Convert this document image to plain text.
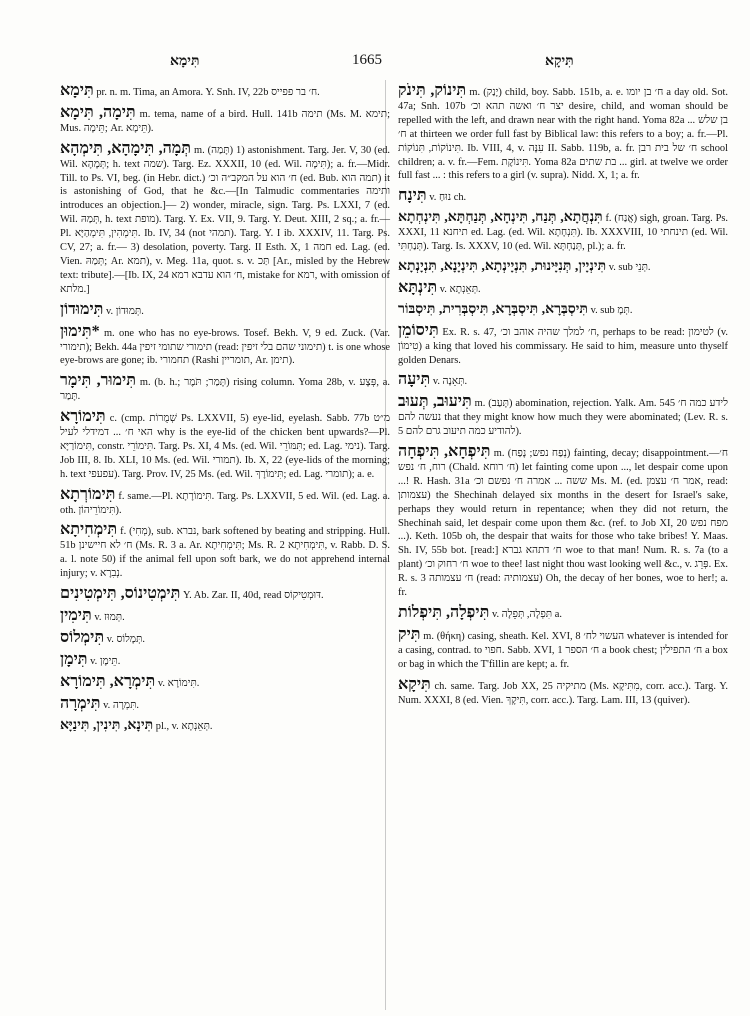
תִּימָא	1665	תִּיקָא

תִּימָא pr. n. m. Tima, an Amora. Y. Snh. IV, 22b ח׳ בר פפייס.

תִּימָה, תִּימָא m. tema, name of a bird. Hull. 141b תימה (Ms. M. תימא; Mus. תֵּימָה; Ar. תֵּימָא).

תְּמָה, תִּימָהָא, תִּימְהָא m. (תָּמַה) 1) astonishment. Targ. Jer. V, 30 (ed. Wil. תְּמָהָא; h. text שמה). Targ. Ez. XXXII, 10 (ed. Wil. תִּימָה); a. fr.—Midr. Till. to Ps. VI, beg. (in Hebr. dict.) ח׳ הוא על המקב״ה וכ׳ (ed. Bub. תמה הוא) it is astonishing of God, that he &c.—[In Talmudic commentaries ותימה introduces an objection.]— 2) wonder, miracle, sign. Targ. Ps. LXXI, 7 (ed. Wil. תְּמַהּ, h. text מופת). Targ. Y. Ex. VII, 9. Targ. Y. Deut. XIII, 2 sq.; a. fr.—Pl. תִּימְהִין, תִּימְהַיָּא. Ib. IV, 34 (not תמהי). Targ. Y. I ib. XXXIV, 11. Targ. Ps. CV, 27; a. fr.— 3) desolation, poverty. Targ. II Esth. X, 1 חמה ed. Lag. (ed. Vien. תְּמַהּ; Ar. תמא), v. Meg. 11a, quot. s. v. תַּכ [Ar., misled by the Hebrew text: tribute].—[Ib. IX, 24 ח׳ הוא עדבא רמא, mistake for רמא, with omission of מלתא.]

תִּימוּדוֹן v. תְּמוּדוֹן.

*תִּימוּן m. one who has no eye-brows. Tosef. Bekh. V, 9 ed. Zuck. (Var. תימורי); Bekh. 44a תימורי שתומי זיפין (read: תימוני שהם בלי זיפין) t. is one whose eye-brows are gone; ib. תחמורי (Rashi תומריין, Ar. תימן).

תִּימוּר, תִּימָר m. (b. h.; תָּמַר; תֹּמֶר) rising column. Yoma 28b, v. פְּצָע, a. תָּמַר.

תִּימוֹרָא c. (cmp. שְׁמֻרוֹת Ps. LXXVII, 5) eye-lid, eyelash. Sabb. 77b מ״ט האי ח׳ ... דמידלי לעיל why is the eye-lid of the chicken bent upwards?—Pl. תִּימוֹרַיָּא, constr. תִּימוֹרֵי. Targ. Ps. XI, 4 Ms. (ed. Wil. תִּמּוֹרֵי; ed. Lag. נימי). Targ. Job III, 8. Ib. XLI, 10 Ms. (ed. Wil. תמורי). Ib. X, 22 (eye-lids of the morning; h. text עפעפי). Targ. Prov. IV, 25 Ms. (ed. Wil. תִּימוֹרָךְ; ed. Lag. תומרי); a. e.

תִּימוֹרְתָא f. same.—Pl. תִּימוֹרָתָא. Targ. Ps. LXXVII, 5 ed. Wil. (ed. Lag. a. oth. תִּימוֹרֵיהוֹן).

תִּימְחִיתָא f. (מְחִי), sub. נברא, bark softened by beating and stripping. Hull. 51b ח׳ לא חיישינן (Ms. R. 3 a. Ar. תִּימְחִיתָא; Ms. R. 2 תִּימְחִיתָא, v. Rabb. D. S. a. l. note 50) if the animal fell upon soft bark, we do not apprehend internal injury; v. נְבִרָא.

תִּימְטִינוֹס, תִּימְטִינִים Y. Ab. Zar. II, 40d, read דּוּמְטִיקוֹס.

תִּימִין v. תְּמוּז.

תִּימְלוֹס v. תְּמָלוֹס.

תִּימָן v. תֵּימָן.

תִּימְרָא, תִּימוֹרָא v. תִּימוֹרָא.

תִּימְרָה v. תִּמְרָה.

תִּינָא, תִּינִין, תִּינַיָּא pl., v. תְּאֵנְתָא.

תִּינוֹק, תִּינֹק m. (יָנַק) child, boy. Sabb. 151b, a. e. ח׳ בן יומו a day old. Sot. 47a; Snh. 107b יצר ח׳ ואשה תהא וכ׳ desire, child, and woman should be repelled with the left, and drawn near with the right hand. Yoma 82a בן שלש ... ח׳ at thirteen we order full fast by Biblical law: this refers to a boy; a. fr.—Pl. תִּינוֹקוֹת, תִּנוֹקוֹת. Ib. VIII, 4, v. עִנָּה II. Sabb. 119b, a. fr. ח׳ של בית רבן school children; a. v. fr.—Fem. תִּינוֹקֶת. Yoma 82a בת שתים ... girl. at twelve we order full fast ... : this refers to a girl (v. supra). Nidd. X, 1; a. fr.

תִּינָח v. נוּחַ ch.

תִּנְחֲתָא, תְּנַח, תִּינְחָא, תְּנַחְתָּא, תִּינְחְתָא f. (אֲנַח) sigh, groan. Targ. Ps. XXXI, 11 תיחנא ed. Lag. (ed. Wil. תִּנְחָתָא). Ib. XXXVIII, 10 תינחתי (ed. Wil. תְּנַחְתִּי). Targ. Is. XXXV, 10 (ed. Wil. תְּנַחְתָּא, pl.); a. fr.

תִּינְיָין, תְּנִיָּינוּת, תִּנְיָינְתָא, תִּינְיָנָא, תִּנְיָנְתָא v. sub תְּנֵי.

תִּינְתָּא v. תְּאֵנְתָא.

תִּיסְבְּרָא, תִּיסְבְּרָא, תִּיסְבְּרִית, תִּיסְבּוֹר v. sub תְּמָ.

תִּיסוֹמֵן Ex. R. s. 47, ח׳ למלך שהיה אוהב וכ׳, perhaps to be read: לטימון (v. טִימוֹן) a king that loved his commissary. He said to him, measure unto thyself golden Denars.

תִּיעָה v. תְּאֵנָה.

תִּיעוּב, תְּעוּב m. (תָּעַב) abomination, rejection. Yalk. Am. 545 לידע כמה ח׳ נעשה להם that they might know how much they were abominated; (Lev. R. s. 5 להודיע כמה תיעוב גרם להם).

תִּיפְחָא, תִּיפְחָה m. (נְפַח נפש; נָפַח) fainting, decay; disappointment.—ח׳ רוח, ח׳ נפש (Chald. ח׳ רוחא) let fainting come upon ..., let despair come upon ...! R. Hash. 31a ששה ... אמרה ח׳ נפשם וכ׳ Ms. M. (ed. אמר ח׳ עצמן, read: עצמותן) the Shechinah delayed six months in the desert for Israel's sake, perhaps they would return in repentance; when they did not return, the Shechinah said, let despair come upon them &c. (ref. to Job XI, 20 מפח נפש ...). Keth. 105b oh, the despair that waits for those who take bribes! Y. Maas. Sh. IV, 55b bot. [read:] ח׳ דתהא גברא woe to that man! Num. R. s. 7a (to a plant) ח׳ רחוק וכ׳ woe to thee! last night thou wast looking well &c., v. פְּרֵג. Ex. R. s. 3 ח׳ עצמותה (read: עצמותיה) Oh, the decay of her bones, woe to her!; a. fr.

תִּיפְלָה, תִּיפְלוֹת v. תִּפְלָה, תְּפֵלָה a.

תִּיק m. (θήκη) casing, sheath. Kel. XVI, 8 העשוי לח׳ whatever is intended for a casing, contrad. to חפוי. Sabb. XVI, 1 ח׳ הספר a book chest; ח׳ התפילין a box or bag in which the T'fillin are kept; a. fr.

תִּיקָא ch. same. Targ. Job XX, 25 מתיקיה (Ms. מִתִּיקָא, corr. acc.). Targ. Y. Num. XXXI, 8 (ed. Vien. תִּיקָךְ, corr. acc.). Targ. Lam. III, 13 (quiver).
